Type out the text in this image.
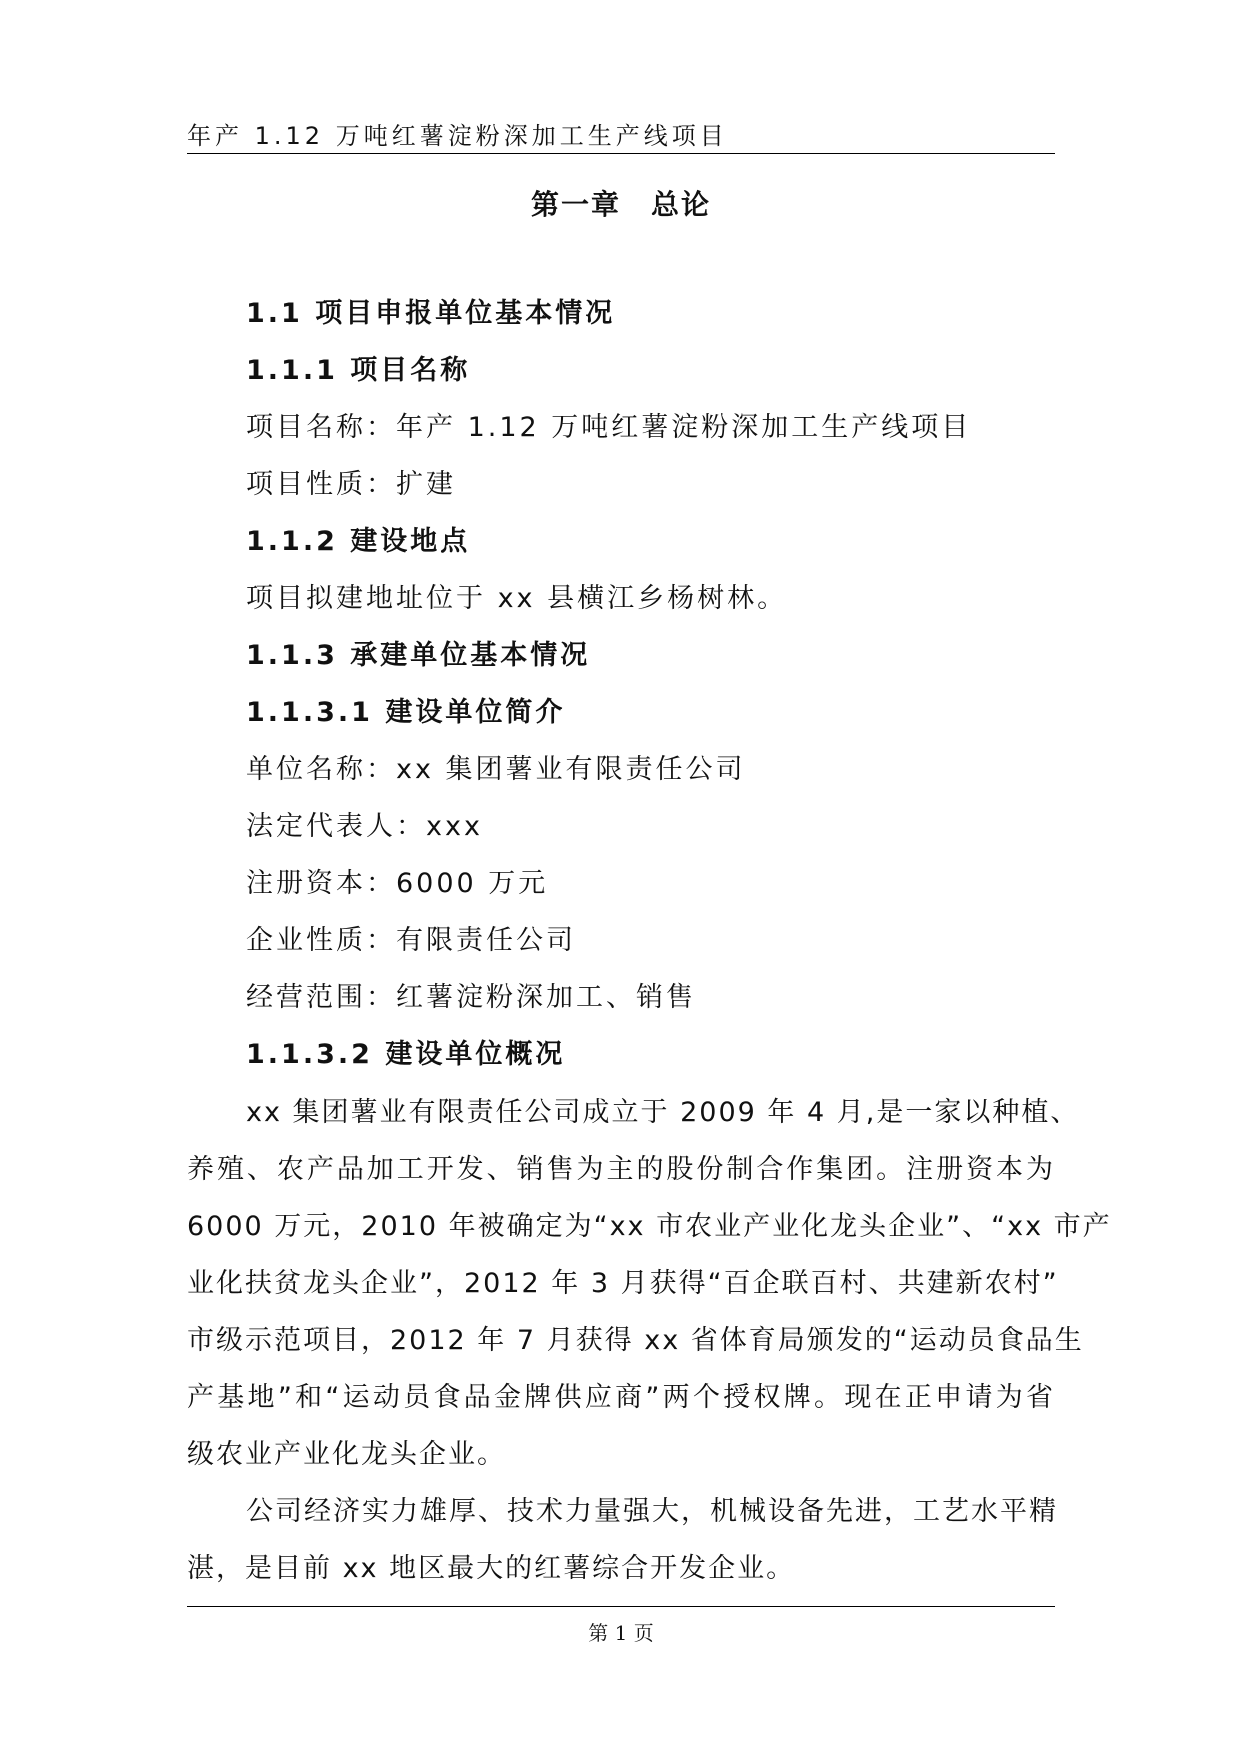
年产 1.12 万吨红薯淀粉深加工生产线项目
第一章　总论
1.1 项目申报单位基本情况
1.1.1 项目名称
项目名称：年产 1.12 万吨红薯淀粉深加工生产线项目
项目性质：扩建
1.1.2 建设地点
项目拟建地址位于 xx 县横江乡杨树林。
1.1.3 承建单位基本情况
1.1.3.1 建设单位简介
单位名称：xx 集团薯业有限责任公司
法定代表人：xxx
注册资本：6000 万元
企业性质：有限责任公司
经营范围：红薯淀粉深加工、销售
1.1.3.2 建设单位概况
xx 集团薯业有限责任公司成立于 2009 年 4 月,是一家以种植、
养殖、农产品加工开发、销售为主的股份制合作集团。注册资本为
6000 万元，2010 年被确定为“xx 市农业产业化龙头企业”、“xx 市产
业化扶贫龙头企业”，2012 年 3 月获得“百企联百村、共建新农村”
市级示范项目，2012 年 7 月获得 xx 省体育局颁发的“运动员食品生
产基地”和“运动员食品金牌供应商”两个授权牌。现在正申请为省
级农业产业化龙头企业。
公司经济实力雄厚、技术力量强大，机械设备先进，工艺水平精
湛，是目前 xx 地区最大的红薯综合开发企业。
第 1 页
